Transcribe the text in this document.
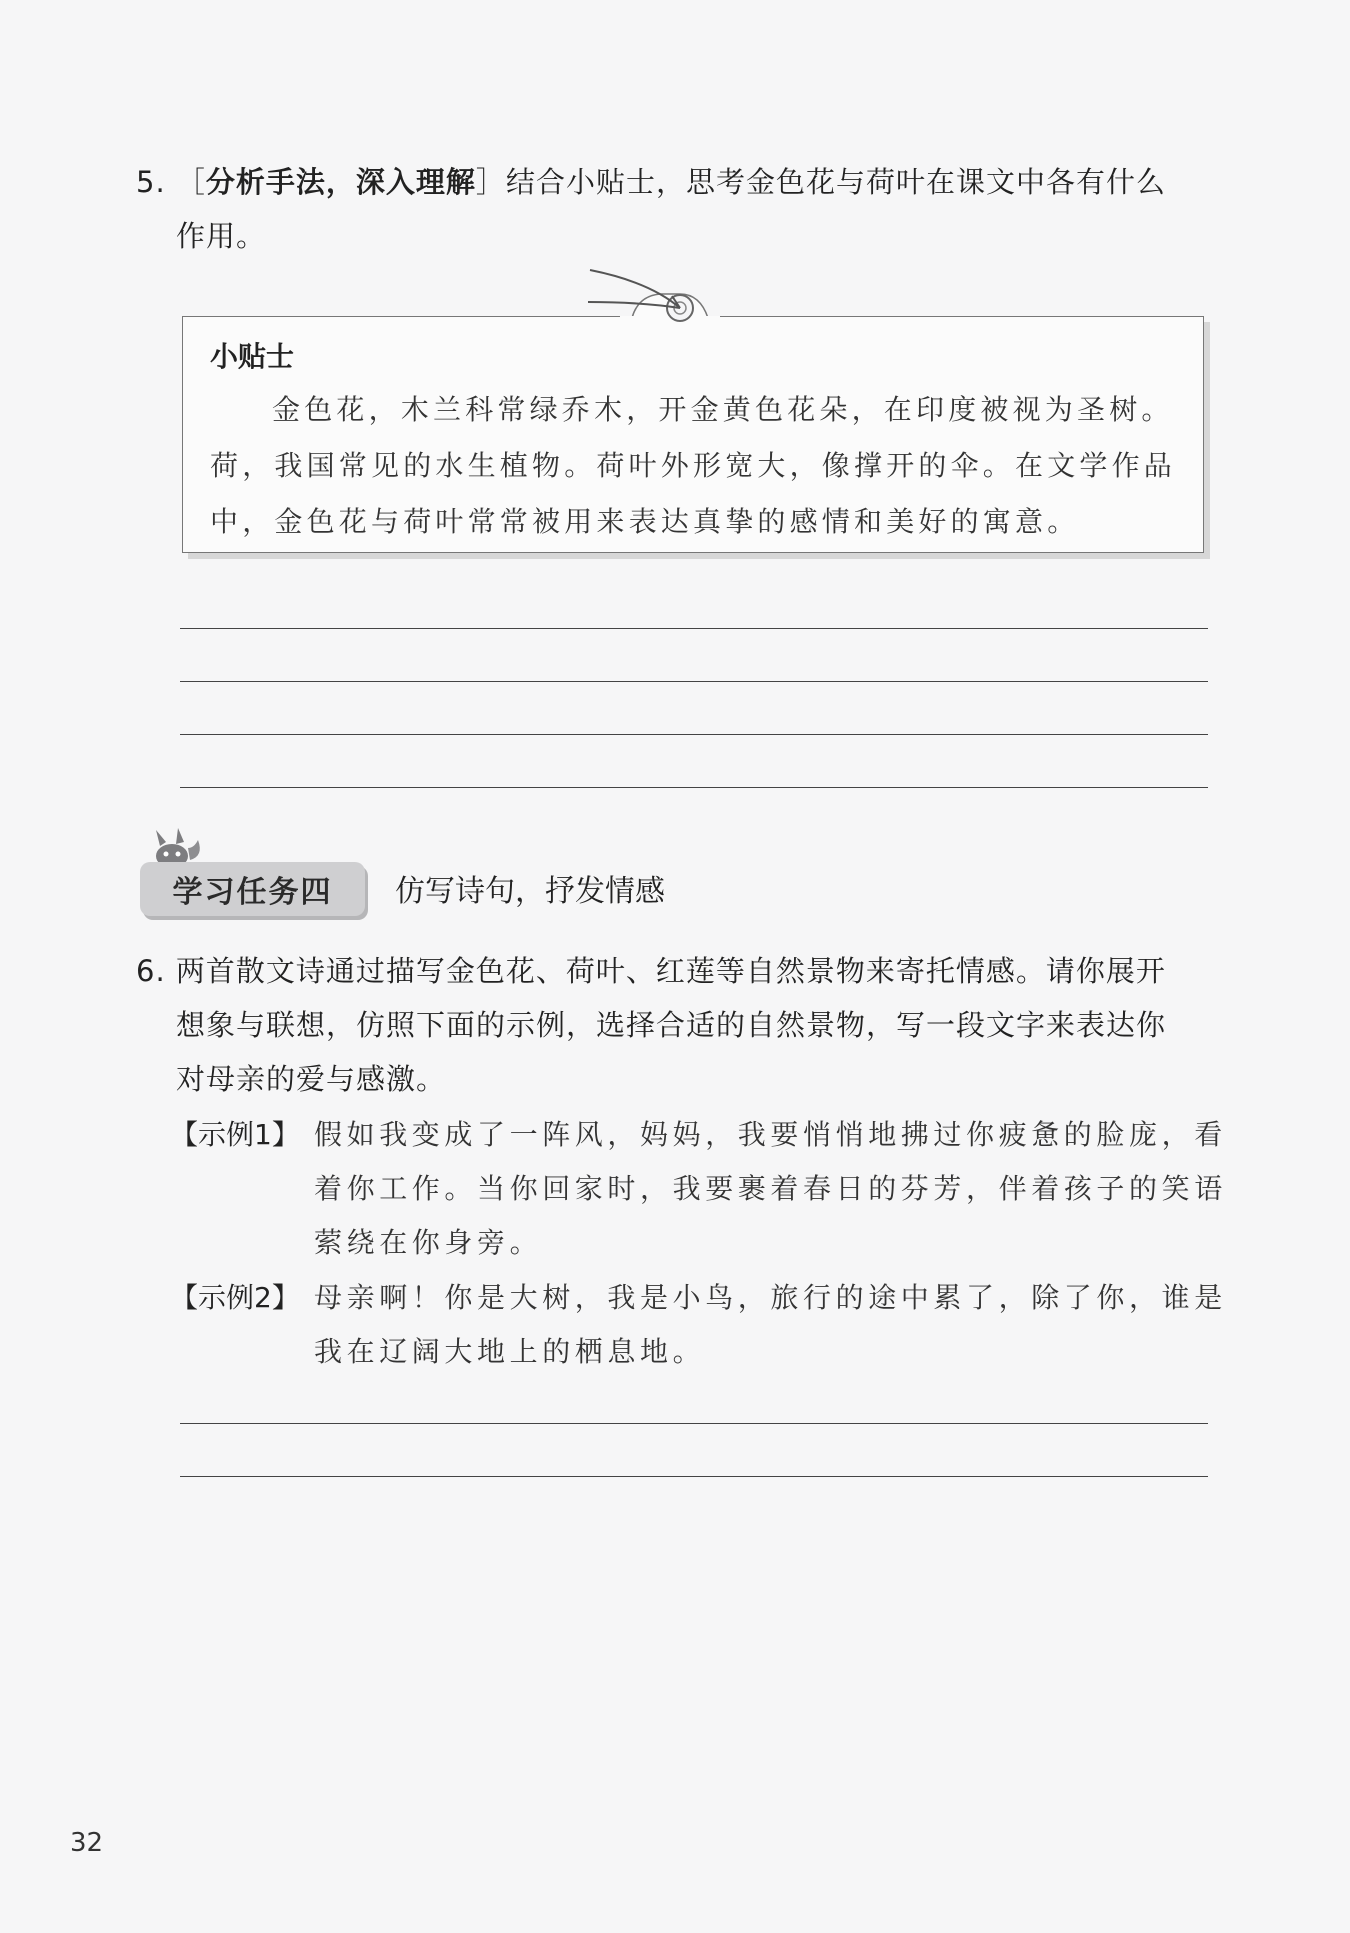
5. ［分析手法，深入理解］结合小贴士，思考金色花与荷叶在课文中各有什么
作用。
小贴士
金色花，木兰科常绿乔木，开金黄色花朵，在印度被视为圣树。
荷，我国常见的水生植物。荷叶外形宽大，像撑开的伞。在文学作品
中，金色花与荷叶常常被用来表达真挚的感情和美好的寓意。
学习任务四 仿写诗句，抒发情感
6. 两首散文诗通过描写金色花、荷叶、红莲等自然景物来寄托情感。请你展开
想象与联想，仿照下面的示例，选择合适的自然景物，写一段文字来表达你
对母亲的爱与感激。
【示例1】 假如我变成了一阵风，妈妈，我要悄悄地拂过你疲惫的脸庞，看
着你工作。当你回家时，我要裹着春日的芬芳，伴着孩子的笑语
萦绕在你身旁。
【示例2】 母亲啊！你是大树，我是小鸟，旅行的途中累了，除了你，谁是
我在辽阔大地上的栖息地。
32
